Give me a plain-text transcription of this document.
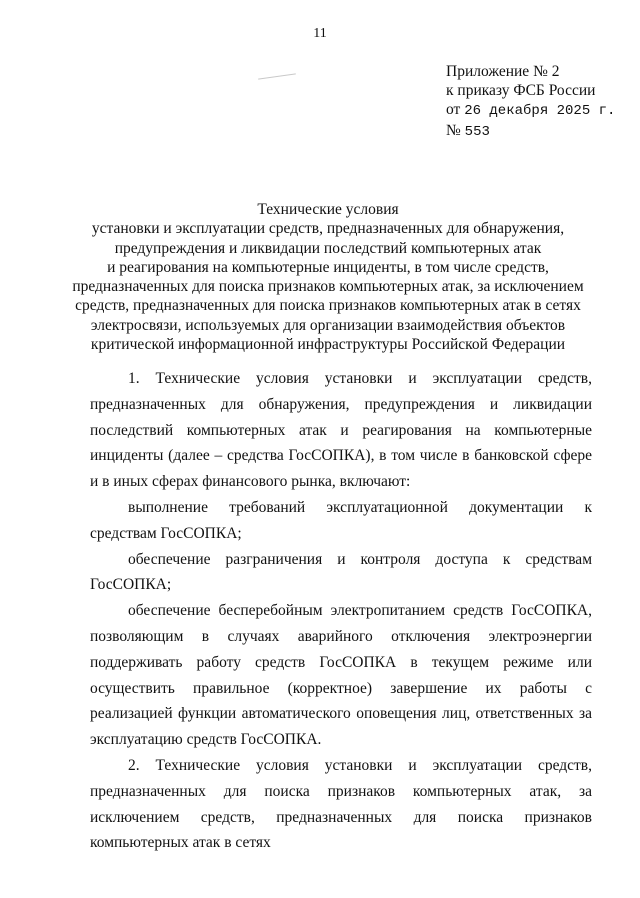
11
Приложение № 2
к приказу ФСБ России
от 26 декабря 2025 г.
№ 553
Технические условия
установки и эксплуатации средств, предназначенных для обнаружения,
предупреждения и ликвидации последствий компьютерных атак
и реагирования на компьютерные инциденты, в том числе средств,
предназначенных для поиска признаков компьютерных атак, за исключением
средств, предназначенных для поиска признаков компьютерных атак в сетях
электросвязи, используемых для организации взаимодействия объектов
критической информационной инфраструктуры Российской Федерации

1. Технические условия установки и эксплуатации средств, предназначенных для обнаружения, предупреждения и ликвидации последствий компьютерных атак и реагирования на компьютерные инциденты (далее – средства ГосСОПКА), в том числе в банковской сфере и в иных сферах финансового рынка, включают:

выполнение требований эксплуатационной документации к средствам ГосСОПКА;

обеспечение разграничения и контроля доступа к средствам ГосСОПКА;

обеспечение бесперебойным электропитанием средств ГосСОПКА, позволяющим в случаях аварийного отключения электроэнергии поддерживать работу средств ГосСОПКА в текущем режиме или осуществить правильное (корректное) завершение их работы с реализацией функции автоматического оповещения лиц, ответственных за эксплуатацию средств ГосСОПКА.

2. Технические условия установки и эксплуатации средств, предназначенных для поиска признаков компьютерных атак, за исключением средств, предназначенных для поиска признаков компьютерных атак в сетях
